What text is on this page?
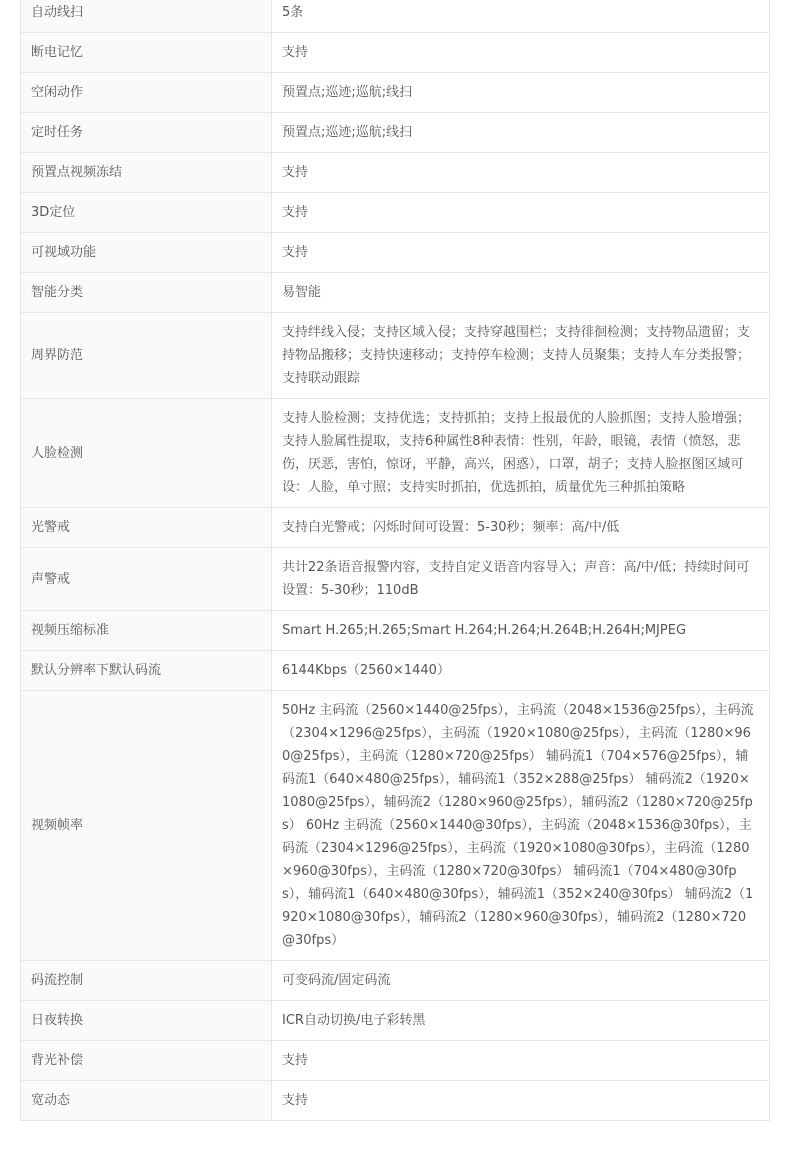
自动线扫	5条
断电记忆	支持
空闲动作	预置点;巡迹;巡航;线扫
定时任务	预置点;巡迹;巡航;线扫
预置点视频冻结	支持
3D定位	支持
可视域功能	支持
智能分类	易智能
周界防范	支持绊线入侵；支持区域入侵；支持穿越围栏；支持徘徊检测；支持物品遗留；支持物品搬移；支持快速移动；支持停车检测；支持人员聚集；支持人车分类报警；支持联动跟踪
人脸检测	支持人脸检测；支持优选；支持抓拍；支持上报最优的人脸抓图；支持人脸增强；支持人脸属性提取，支持6种属性8种表情：性别，年龄，眼镜，表情（愤怒，悲伤，厌恶，害怕，惊讶，平静，高兴，困惑），口罩，胡子；支持人脸抠图区域可设：人脸，单寸照；支持实时抓拍，优选抓拍，质量优先三种抓拍策略
光警戒	支持白光警戒；闪烁时间可设置：5-30秒；频率：高/中/低
声警戒	共计22条语音报警内容，支持自定义语音内容导入；声音：高/中/低；持续时间可设置：5-30秒；110dB
视频压缩标准	Smart H.265;H.265;Smart H.264;H.264;H.264B;H.264H;MJPEG
默认分辨率下默认码流	6144Kbps（2560×1440）
视频帧率	50Hz 主码流（2560×1440@25fps），主码流（2048×1536@25fps），主码流（2304×1296@25fps），主码流（1920×1080@25fps），主码流（1280×960@25fps），主码流（1280×720@25fps） 辅码流1（704×576@25fps），辅码流1（640×480@25fps），辅码流1（352×288@25fps） 辅码流2（1920×1080@25fps），辅码流2（1280×960@25fps），辅码流2（1280×720@25fps） 60Hz 主码流（2560×1440@30fps），主码流（2048×1536@30fps），主码流（2304×1296@25fps），主码流（1920×1080@30fps），主码流（1280×960@30fps），主码流（1280×720@30fps） 辅码流1（704×480@30fps），辅码流1（640×480@30fps），辅码流1（352×240@30fps） 辅码流2（1920×1080@30fps），辅码流2（1280×960@30fps），辅码流2（1280×720@30fps）
码流控制	可变码流/固定码流
日夜转换	ICR自动切换/电子彩转黑
背光补偿	支持
宽动态	支持
